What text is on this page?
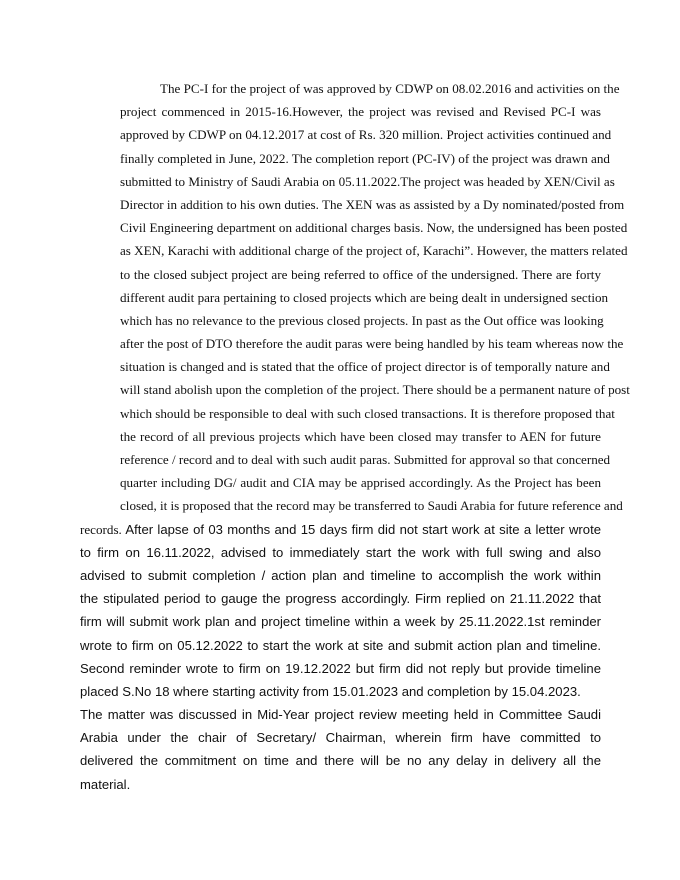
The PC-I for the project of was approved by CDWP on 08.02.2016 and activities on the
project commenced in 2015-16.However, the project was revised and Revised PC-I was
approved by CDWP on 04.12.2017 at cost of Rs. 320 million. Project activities continued and
finally completed in June, 2022. The completion report (PC-IV) of the project was drawn and
submitted to Ministry of Saudi Arabia on 05.11.2022.The project was headed by XEN/Civil as
Director in addition to his own duties. The XEN was as assisted by a Dy nominated/posted from
Civil Engineering department on additional charges basis. Now, the undersigned has been posted
as XEN, Karachi with additional charge of the project of, Karachi”. However, the matters related
to the closed subject project are being referred to office of the undersigned. There are forty
different audit para pertaining to closed projects which are being dealt in undersigned section
which has no relevance to the previous closed projects. In past as the Out office was looking
after the post of DTO therefore the audit paras were being handled by his team whereas now the
situation is changed and is stated that the office of project director is of temporally nature and
will stand abolish upon the completion of the project. There should be a permanent nature of post
which should be responsible to deal with such closed transactions. It is therefore proposed that
the record of all previous projects which have been closed may transfer to AEN for future
reference / record and to deal with such audit paras. Submitted for approval so that concerned
quarter including DG/ audit and CIA may be apprised accordingly. As the Project has been
closed, it is proposed that the record may be transferred to Saudi Arabia for future reference and
records. After lapse of 03 months and 15 days firm did not start work at site a letter wrote
to firm on 16.11.2022, advised to immediately start the work with full swing and also
advised to submit completion / action plan and timeline to accomplish the work within
the stipulated period to gauge the progress accordingly. Firm replied on 21.11.2022 that
firm will submit work plan and project timeline within a week by 25.11.2022.1st reminder
wrote to firm on 05.12.2022 to start the work at site and submit action plan and timeline.
Second reminder wrote to firm on 19.12.2022 but firm did not reply but provide timeline
placed S.No 18 where starting activity from 15.01.2023 and completion by 15.04.2023.
The matter was discussed in Mid-Year project review meeting held in Committee Saudi
Arabia under the chair of Secretary/ Chairman, wherein firm have committed to
delivered the commitment on time and there will be no any delay in delivery all the
material.
